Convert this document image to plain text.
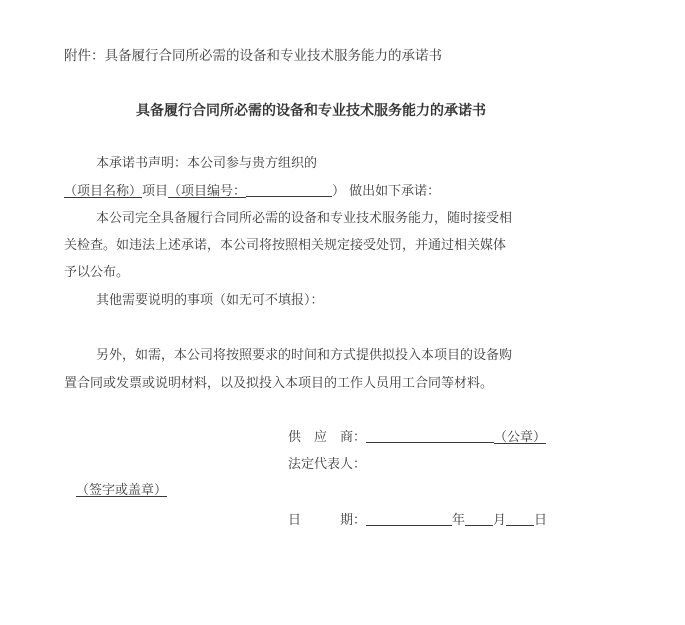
附件：具备履行合同所必需的设备和专业技术服务能力的承诺书
具备履行合同所必需的设备和专业技术服务能力的承诺书
本承诺书声明：本公司参与贵方组织的
（项目名称）项目（项目编号：	） 做出如下承诺：
本公司完全具备履行合同所必需的设备和专业技术服务能力，随时接受相
关检查。如违法上述承诺，本公司将按照相关规定接受处罚，并通过相关媒体
予以公布。
其他需要说明的事项（如无可不填报）：
另外，如需，本公司将按照要求的时间和方式提供拟投入本项目的设备购
置合同或发票或说明材料，以及拟投入本项目的工作人员用工合同等材料。
供　应　商：	（公章）
法定代表人：
（签字或盖章）
日　　　期：	年 月 日
